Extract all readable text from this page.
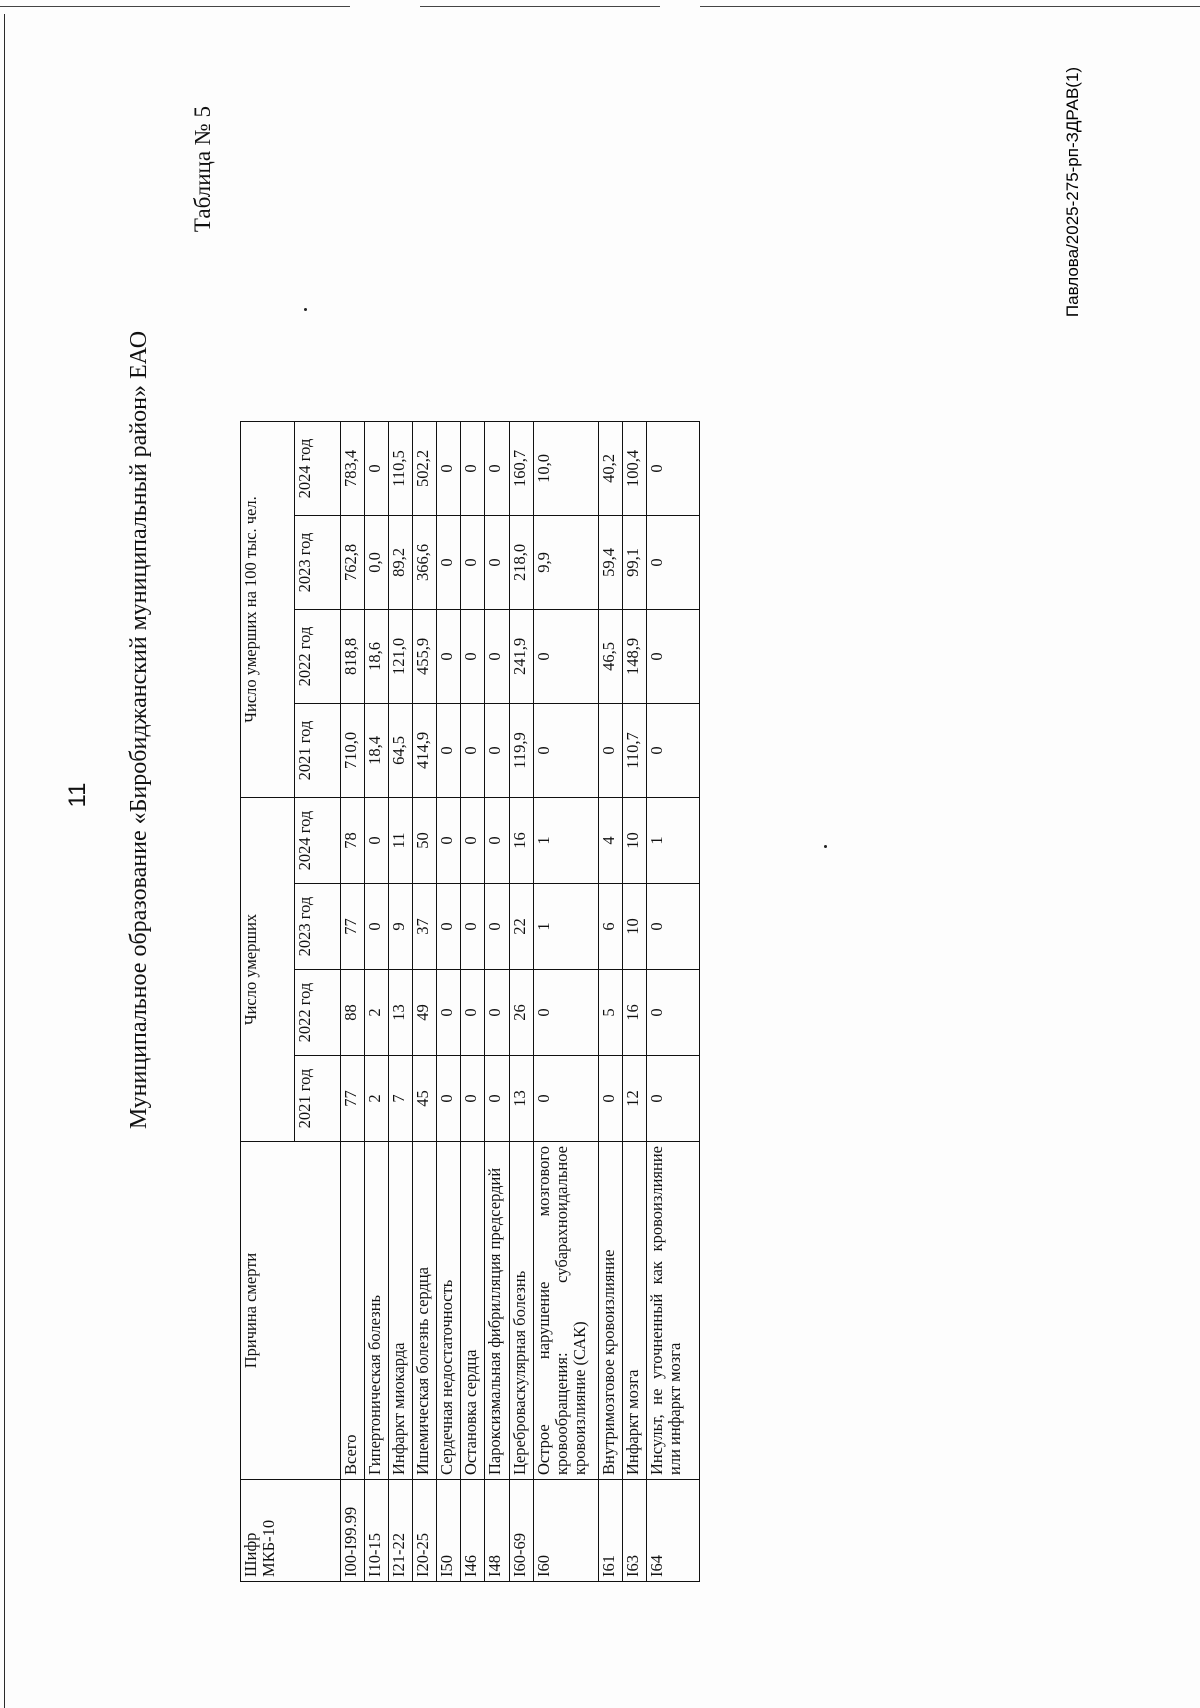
11 Муниципальное образование «Биробиджанский муниципальный район» ЕАО
Таблица № 5	Павлова/2025-275-рп-ЗДРАВ(1)
Шифр МКБ-10	Причина смерти	Число умерших				Число умерших на 100 тыс. чел.			
		2021 год	2022 год	2023 год	2024 год	2021 год	2022 год	2023 год	2024 год
I00-I99.99	Всего	77	88	77	78	710,0	818,8	762,8	783,4
I10-15	Гипертоническая болезнь	2	2	0	0	18,4	18,6	0,0	0
I21-22	Инфаркт миокарда	7	13	9	11	64,5	121,0	89,2	110,5
I20-25	Ишемическая болезнь сердца	45	49	37	50	414,9	455,9	366,6	502,2
I50	Сердечная недостаточность	0	0	0	0	0	0	0	0
I46	Остановка сердца	0	0	0	0	0	0	0	0
I48	Пароксизмальная фибрилляция предсердий	0	0	0	0	0	0	0	0
I60-69	Цереброваскулярная болезнь	13	26	22	16	119,9	241,9	218,0	160,7
I60	Острое нарушение мозгового кровообращения: субарахноидальное кровоизлияние (САК)	0	0	1	1	0	0	9,9	10,0
I61	Внутримозговое кровоизлияние	0	5	6	4	0	46,5	59,4	40,2
I63	Инфаркт мозга	12	16	10	10	110,7	148,9	99,1	100,4
I64	Инсульт, не уточненный как кровоизлияние или инфаркт мозга	0	0	0	1	0	0	0	0
